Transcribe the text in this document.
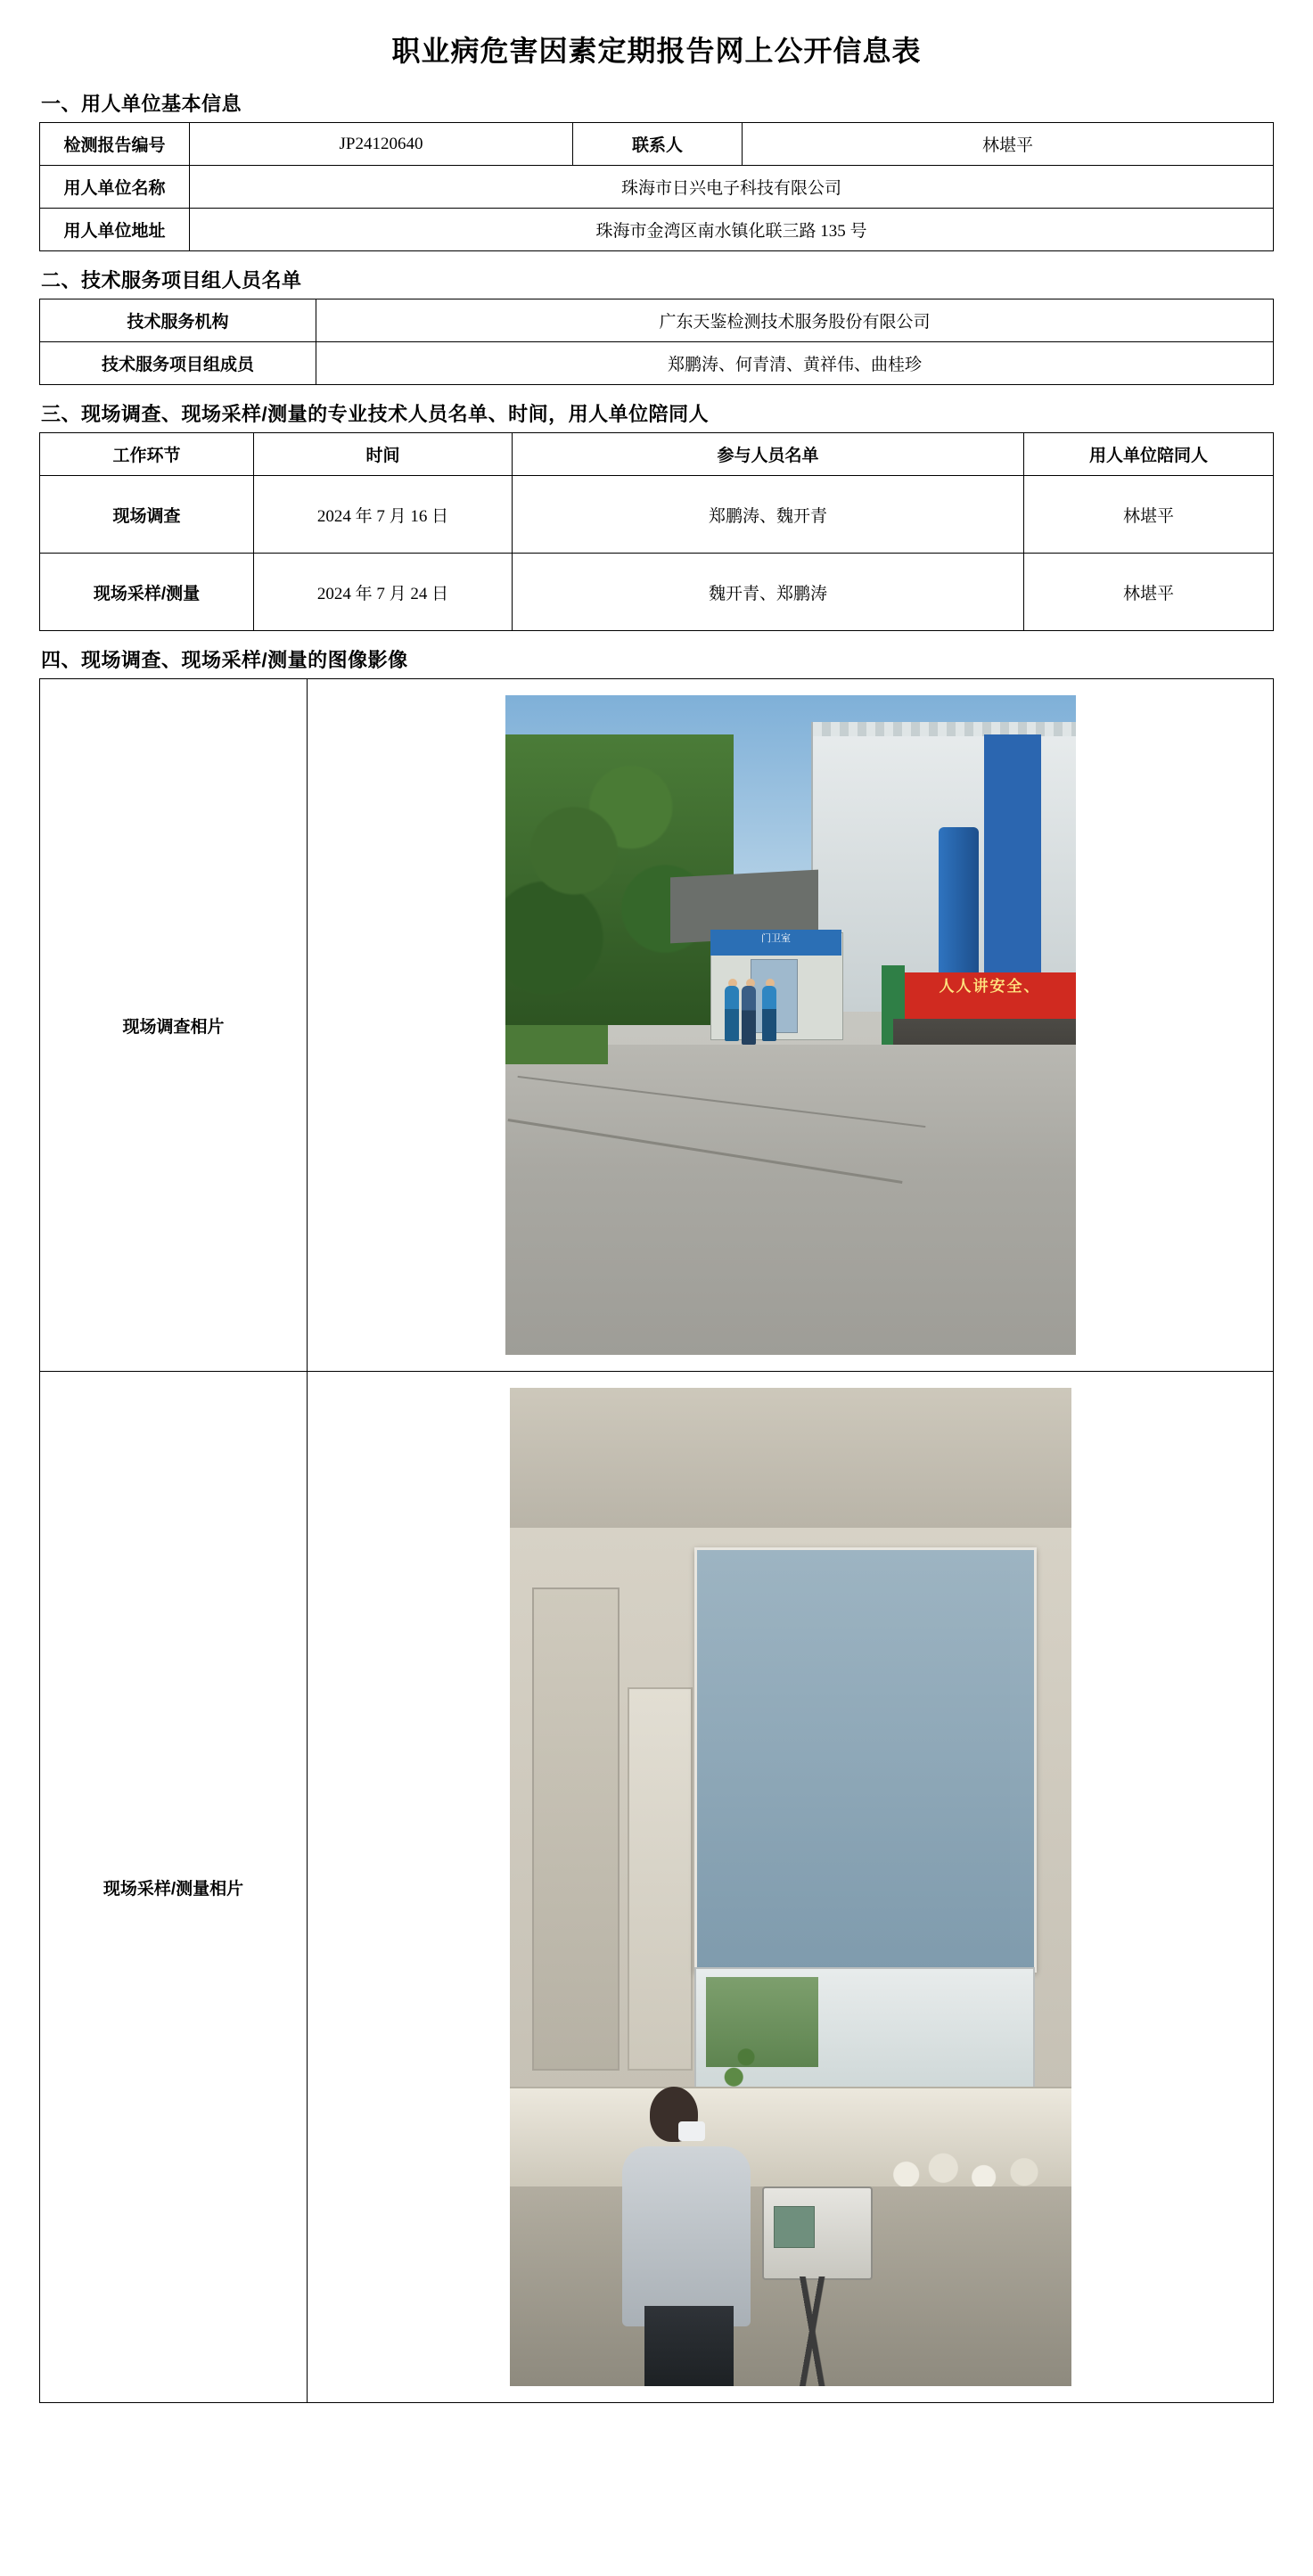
职业病危害因素定期报告网上公开信息表
一、用人单位基本信息
检测报告编号	JP24120640	联系人	林堪平
用人单位名称	珠海市日兴电子科技有限公司		
用人单位地址	珠海市金湾区南水镇化联三路 135 号		
二、技术服务项目组人员名单
技术服务机构	广东天鉴检测技术服务股份有限公司
技术服务项目组成员	郑鹏涛、何青清、黄祥伟、曲桂珍
三、现场调查、现场采样/测量的专业技术人员名单、时间，用人单位陪同人
工作环节	时间	参与人员名单	用人单位陪同人
现场调查	2024 年 7 月 16 日	郑鹏涛、魏开青	林堪平
现场采样/测量	2024 年 7 月 24 日	魏开青、郑鹏涛	林堪平
四、现场调查、现场采样/测量的图像影像
现场调查相片	门卫室
人人讲安全、

现场采样/测量相片	
